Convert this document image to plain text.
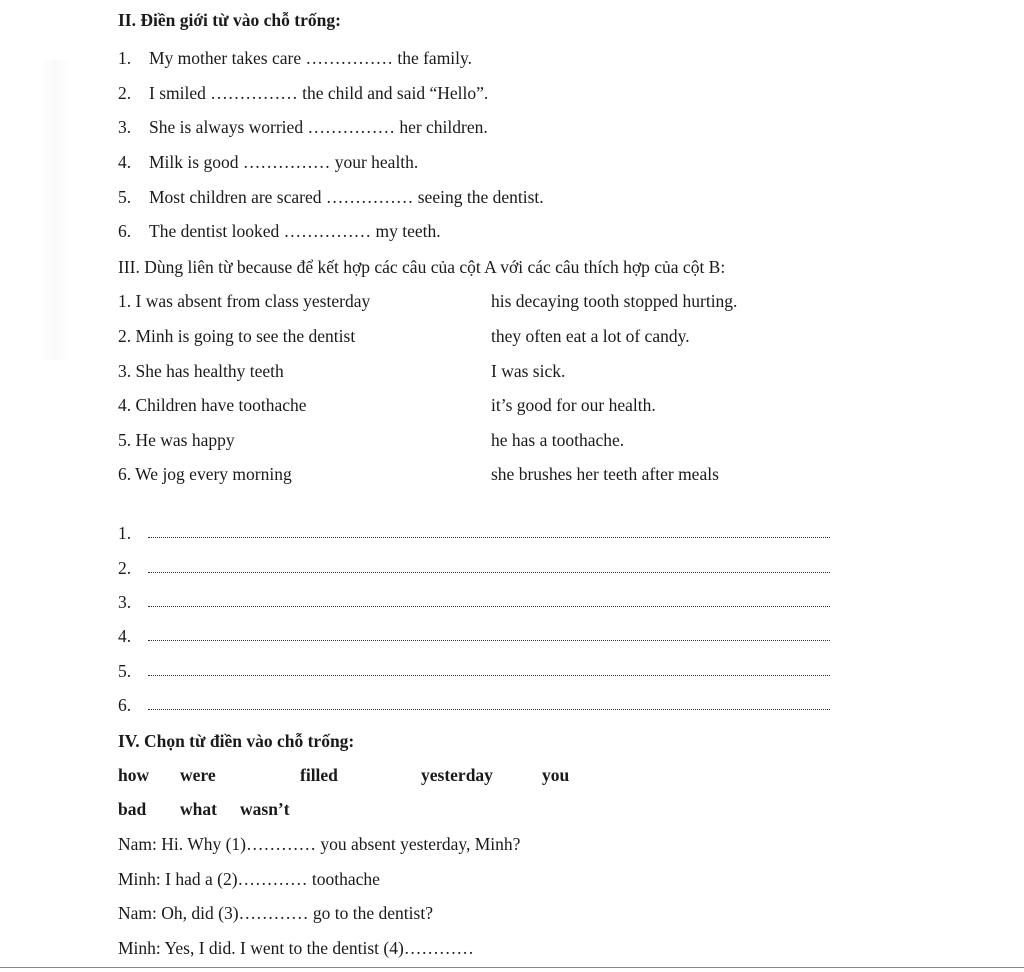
II. Điền giới từ vào chỗ trống:
1. My mother takes care …………… the family.
2. I smiled …………… the child and said “Hello”.
3. She is always worried …………… her children.
4. Milk is good …………… your health.
5. Most children are scared …………… seeing the dentist.
6. The dentist looked …………… my teeth.
III. Dùng liên từ because để kết hợp các câu của cột A với các câu thích hợp của cột B:
1. I was absent from class yesterday	his decaying tooth stopped hurting.
2. Minh is going to see the dentist	they often eat a lot of candy.
3. She has healthy teeth	I was sick.
4. Children have toothache	it’s good for our health.
5. He was happy	he has a toothache.
6. We jog every morning	she brushes her teeth after meals
1.
2.
3.
4.
5.
6.
IV. Chọn từ điền vào chỗ trống:
how were	filled	yesterday	you
bad what wasn’t
Nam: Hi. Why (1)………… you absent yesterday, Minh?
Minh: I had a (2)………… toothache
Nam: Oh, did (3)………… go to the dentist?
Minh: Yes, I did. I went to the dentist (4)…………
